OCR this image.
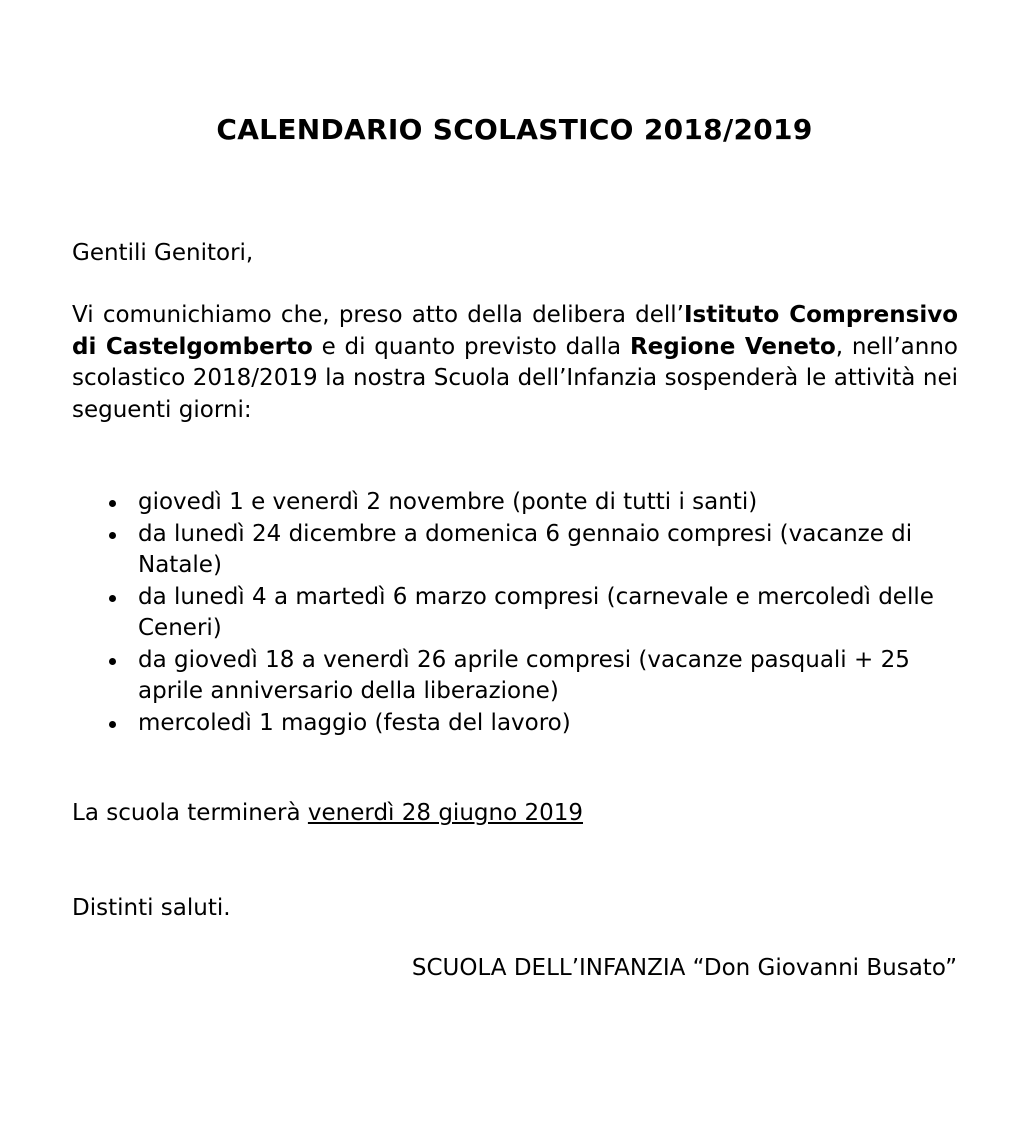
CALENDARIO SCOLASTICO 2018/2019

Gentili Genitori,

Vi comunichiamo che, preso atto della delibera dell’Istituto Comprensivo di Castelgomberto e di quanto previsto dalla Regione Veneto, nell’anno scolastico 2018/2019 la nostra Scuola dell’Infanzia sospenderà le attività nei seguenti giorni:

giovedì 1 e venerdì 2 novembre (ponte di tutti i santi)
da lunedì 24 dicembre a domenica 6 gennaio compresi (vacanze di Natale)
da lunedì 4 a martedì 6 marzo compresi (carnevale e mercoledì delle Ceneri)
da giovedì 18 a venerdì 26 aprile compresi (vacanze pasquali + 25 aprile anniversario della liberazione)
mercoledì 1 maggio (festa del lavoro)

La scuola terminerà venerdì 28 giugno 2019

Distinti saluti.

SCUOLA DELL’INFANZIA “Don Giovanni Busato”
